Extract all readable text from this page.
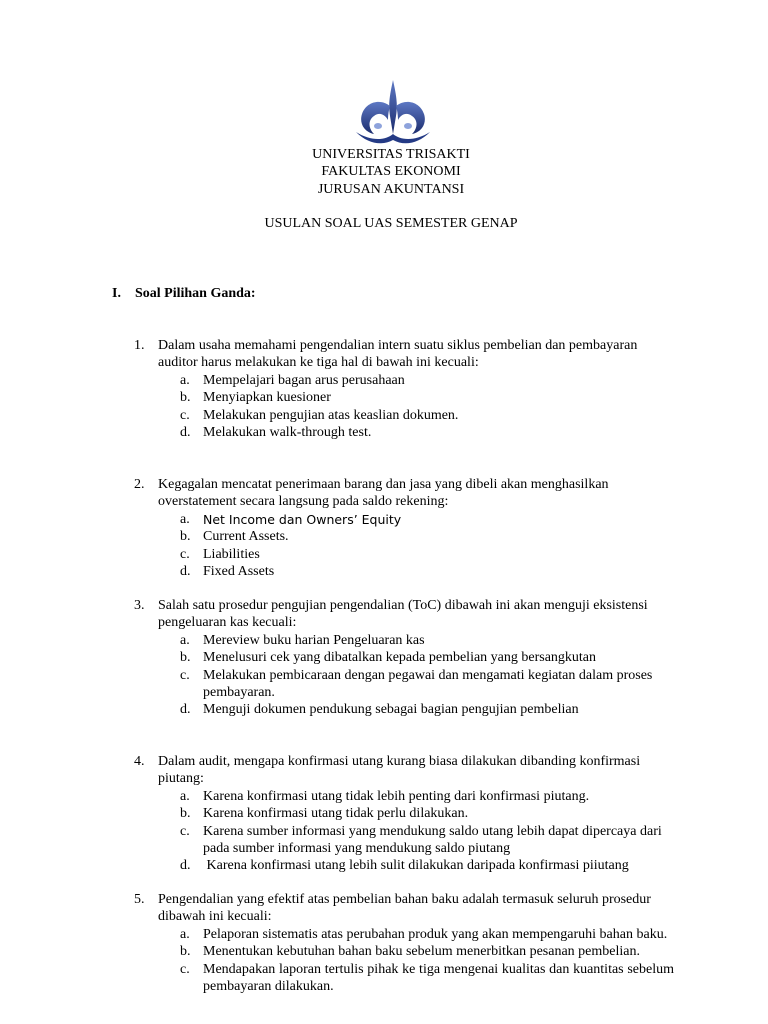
UNIVERSITAS TRISAKTI
FAKULTAS EKONOMI
JURUSAN AKUNTANSI
USULAN SOAL UAS SEMESTER GENAP
I. Soal Pilihan Ganda:
1. Dalam usaha memahami pengendalian intern suatu siklus pembelian dan pembayaran auditor harus melakukan ke tiga hal di bawah ini kecuali:
a. Mempelajari bagan arus perusahaan
b. Menyiapkan kuesioner
c. Melakukan pengujian atas keaslian dokumen.
d. Melakukan walk-through test.
2. Kegagalan mencatat penerimaan barang dan jasa yang dibeli akan menghasilkan overstatement secara langsung pada saldo rekening:
a.	Net Income dan Owners’ Equity
b. Current Assets.
c. Liabilities
d. Fixed Assets
3. Salah satu prosedur pengujian pengendalian (ToC) dibawah ini akan menguji eksistensi pengeluaran kas kecuali:
a. Mereview buku harian Pengeluaran kas
b. Menelusuri cek yang dibatalkan kepada pembelian yang bersangkutan
c. Melakukan pembicaraan dengan pegawai dan mengamati kegiatan dalam proses pembayaran.
d. Menguji dokumen pendukung sebagai bagian pengujian pembelian
4. Dalam audit, mengapa konfirmasi utang kurang biasa dilakukan dibanding konfirmasi piutang:
a. Karena konfirmasi utang tidak lebih penting dari konfirmasi piutang.
b. Karena konfirmasi utang tidak perlu dilakukan.
c. Karena sumber informasi yang mendukung saldo utang lebih dapat dipercaya dari pada sumber informasi yang mendukung saldo piutang
d. Karena konfirmasi utang lebih sulit dilakukan daripada konfirmasi piiutang
5. Pengendalian yang efektif atas pembelian bahan baku adalah termasuk seluruh prosedur dibawah ini kecuali:
a. Pelaporan sistematis atas perubahan produk yang akan mempengaruhi bahan baku.
b. Menentukan kebutuhan bahan baku sebelum menerbitkan pesanan pembelian.
c. Mendapakan laporan tertulis pihak ke tiga mengenai kualitas dan kuantitas sebelum pembayaran dilakukan.
